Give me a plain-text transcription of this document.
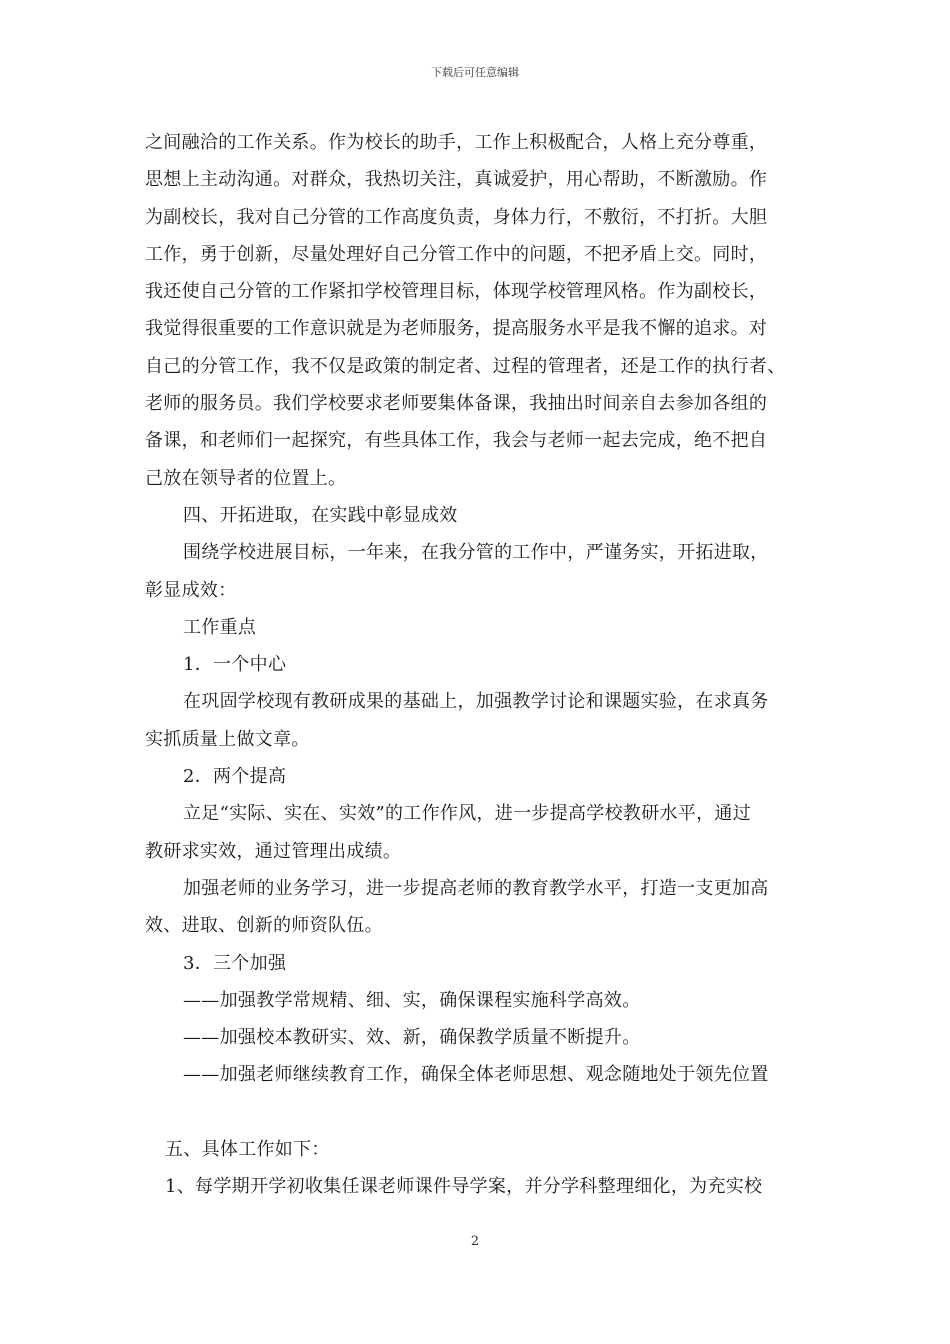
下载后可任意编辑
之间融洽的工作关系。作为校长的助手，工作上积极配合，人格上充分尊重，
思想上主动沟通。对群众，我热切关注，真诚爱护，用心帮助，不断激励。作
为副校长，我对自己分管的工作高度负责，身体力行，不敷衍，不打折。大胆
工作，勇于创新，尽量处理好自己分管工作中的问题，不把矛盾上交。同时，
我还使自己分管的工作紧扣学校管理目标，体现学校管理风格。作为副校长，
我觉得很重要的工作意识就是为老师服务，提高服务水平是我不懈的追求。对
自己的分管工作，我不仅是政策的制定者、过程的管理者，还是工作的执行者、
老师的服务员。我们学校要求老师要集体备课，我抽出时间亲自去参加各组的
备课，和老师们一起探究，有些具体工作，我会与老师一起去完成，绝不把自
己放在领导者的位置上。
四、开拓进取，在实践中彰显成效
围绕学校进展目标，一年来，在我分管的工作中，严谨务实，开拓进取，
彰显成效：
工作重点
1．一个中心
在巩固学校现有教研成果的基础上，加强教学讨论和课题实验，在求真务
实抓质量上做文章。
2．两个提高
立足“实际、实在、实效”的工作作风，进一步提高学校教研水平，通过
教研求实效，通过管理出成绩。
加强老师的业务学习，进一步提高老师的教育教学水平，打造一支更加高
效、进取、创新的师资队伍。
3．三个加强
——加强教学常规精、细、实，确保课程实施科学高效。
——加强校本教研实、效、新，确保教学质量不断提升。
——加强老师继续教育工作，确保全体老师思想、观念随地处于领先位置
五、具体工作如下：
1、每学期开学初收集任课老师课件导学案，并分学科整理细化，为充实校
2
